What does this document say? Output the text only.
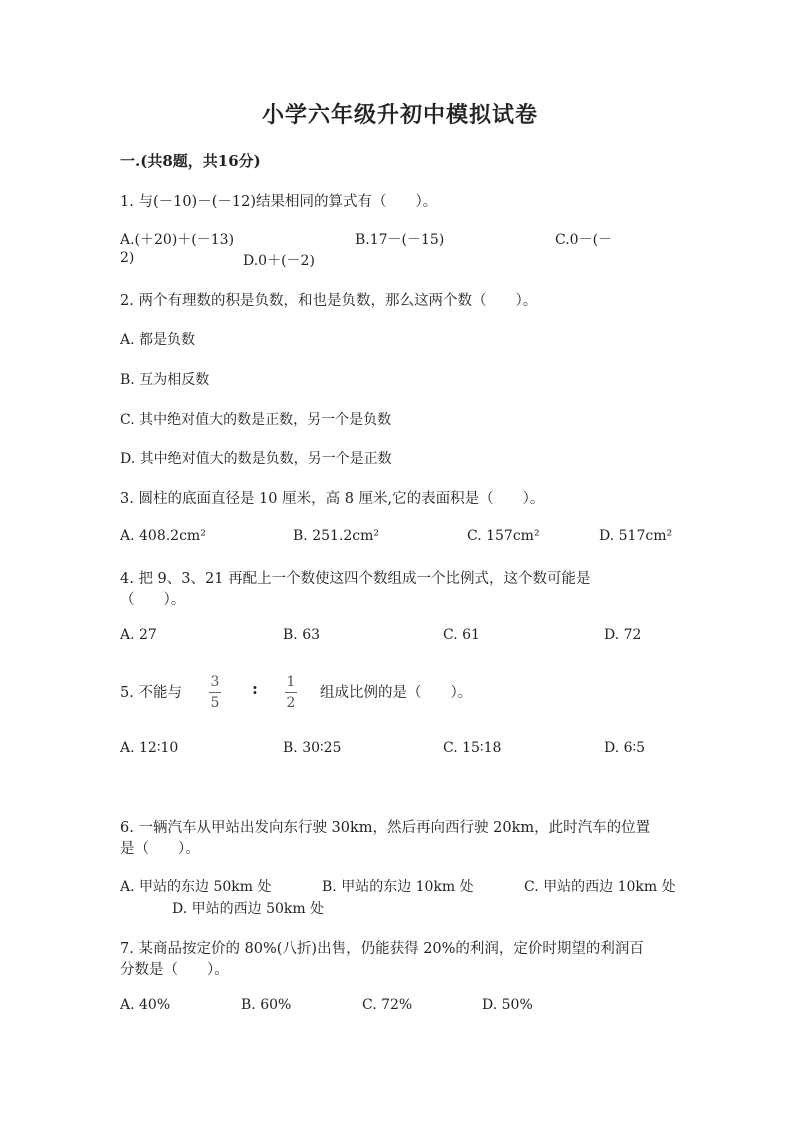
小学六年级升初中模拟试卷
一.(共8题，共16分)
1. 与(－10)－(－12)结果相同的算式有（　　）。
A.(＋20)＋(－13)	B.17－(－15)	C.0－(－
2)	D.0＋(－2)
2. 两个有理数的积是负数，和也是负数，那么这两个数（　　）。
A. 都是负数
B. 互为相反数
C. 其中绝对值大的数是正数，另一个是负数
D. 其中绝对值大的数是负数，另一个是正数
3. 圆柱的底面直径是 10 厘米，高 8 厘米,它的表面积是（　　）。
A. 408.2cm²	B. 251.2cm²	C. 157cm²	D. 517cm²
4. 把 9、3、21 再配上一个数使这四个数组成一个比例式，这个数可能是
（　　）。
A. 27	B. 63	C. 61	D. 72
5. 不能与
3
5
: 1
2
组成比例的是（　　）。
A. 12∶10	B. 30∶25	C. 15∶18	D. 6∶5
6. 一辆汽车从甲站出发向东行驶 30km，然后再向西行驶 20km，此时汽车的位置
是（　　）。
A. 甲站的东边 50km 处	B. 甲站的东边 10km 处	C. 甲站的西边 10km 处
D. 甲站的西边 50km 处
7. 某商品按定价的 80%(八折)出售，仍能获得 20%的利润，定价时期望的利润百
分数是（　　）。
A. 40%	B. 60%	C. 72%	D. 50%
